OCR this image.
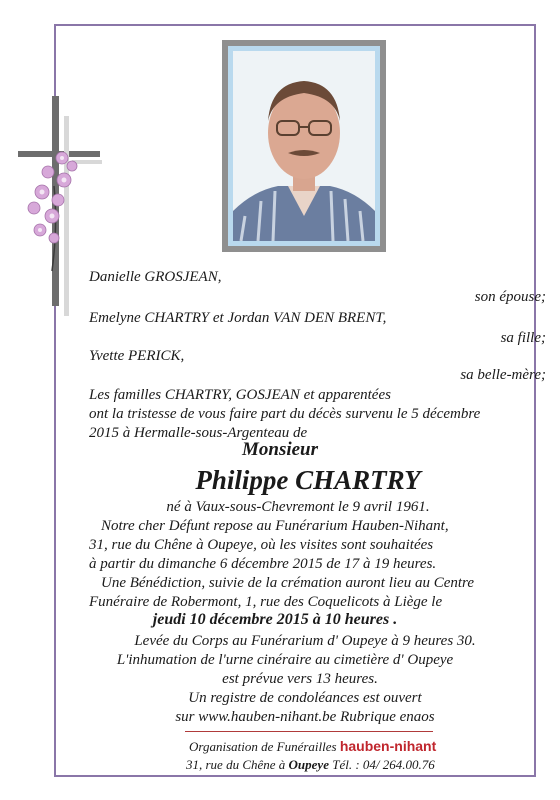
Danielle GROSJEAN,
son épouse;
Emelyne CHARTRY et Jordan VAN DEN BRENT,
sa fille;
Yvette PERICK,
sa belle-mère;
Les familles CHARTRY, GOSJEAN et apparentées
ont la tristesse de vous faire part du décès survenu le 5 décembre
2015 à Hermalle-sous-Argenteau de
Monsieur
Philippe CHARTRY
né à Vaux-sous-Chevremont le 9 avril 1961.
Notre cher Défunt repose au Funérarium Hauben-Nihant,
31, rue du Chêne à Oupeye, où les visites sont souhaitées
à partir du dimanche 6 décembre 2015 de 17 à 19 heures.
Une Bénédiction, suivie de la crémation auront lieu au Centre
Funéraire de Robermont, 1, rue des Coquelicots à Liège le
jeudi 10 décembre 2015 à 10 heures .
Levée du Corps au Funérarium d' Oupeye à 9 heures 30.
L'inhumation de l'urne cinéraire au cimetière d' Oupeye
est prévue vers 13 heures.
Un registre de condoléances est ouvert
sur www.hauben-nihant.be Rubrique enaos
Organisation de Funérailles hauben-nihant
31, rue du Chêne à Oupeye Tél. : 04/ 264.00.76
